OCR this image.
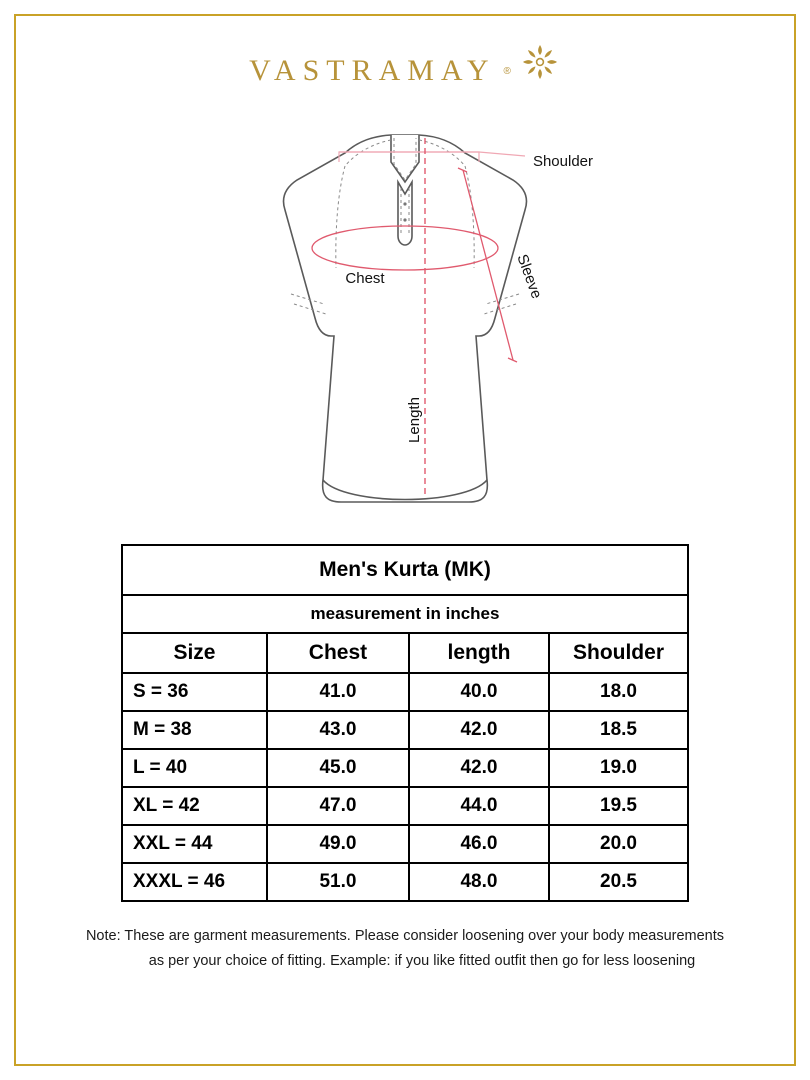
VASTRAMAY ®
Shoulder
Chest	Sleeve
Length
Men's Kurta (MK)			
measurement in inches			
Size	Chest	length	Shoulder
S = 36	41.0	40.0	18.0
M = 38	43.0	42.0	18.5
L = 40	45.0	42.0	19.0
XL = 42	47.0	44.0	19.5
XXL = 44	49.0	46.0	20.0
XXXL = 46	51.0	48.0	20.5
Note: These are garment measurements. Please consider loosening over your body measurements
as per your choice of fitting. Example: if you like fitted outfit then go for less loosening
